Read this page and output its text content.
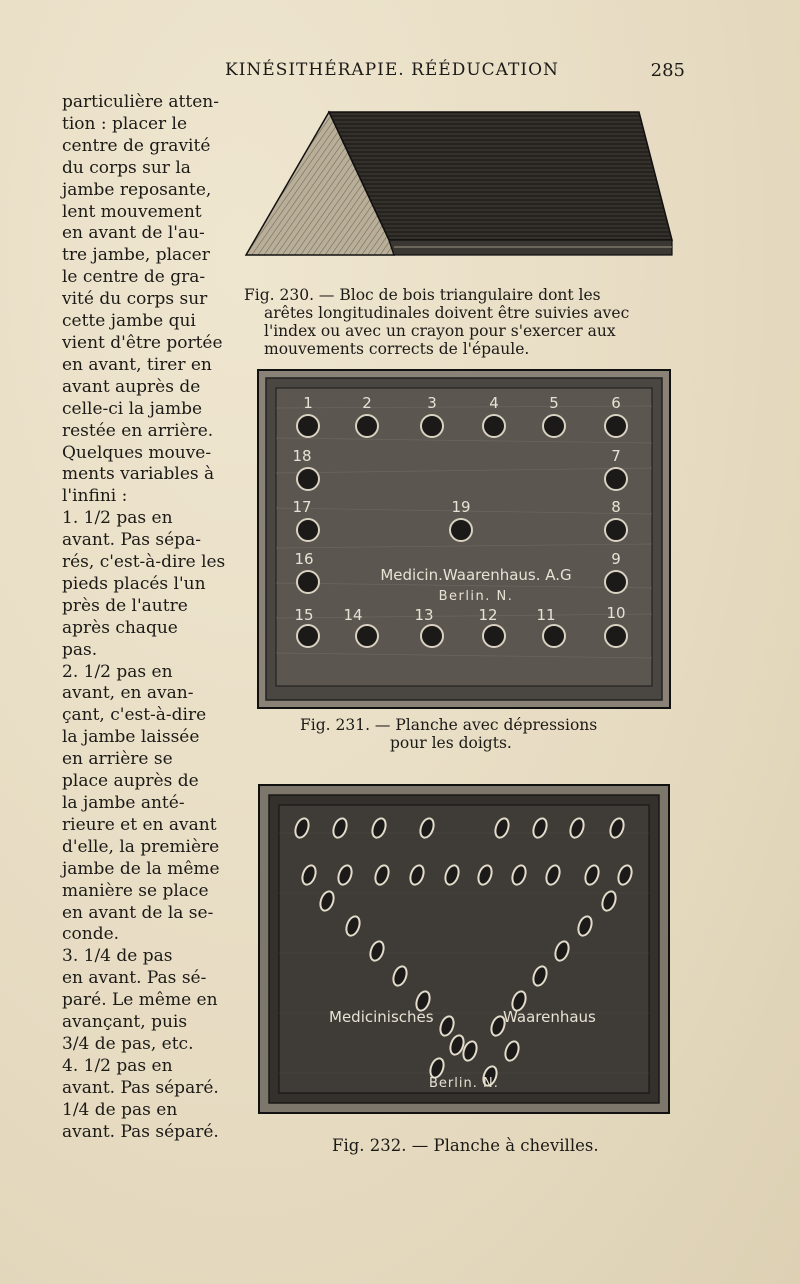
KINÉSITHÉRAPIE. RÉÉDUCATION	285
particulière atten-
tion : placer le
centre de gravité
du corps sur la
jambe reposante,
lent mouvement
en avant de l'au-
tre jambe, placer
le centre de gra-
vité du corps sur
cette jambe qui
vient d'être portée
en avant, tirer en
avant auprès de
celle-ci la jambe
restée en arrière.
Quelques mouve-
ments variables à
l'infini :
1. 1/2 pas en
avant. Pas sépa-
rés, c'est-à-dire les
pieds placés l'un
près de l'autre
après chaque
pas.
2. 1/2 pas en
avant, en avan-
çant, c'est-à-dire
la jambe laissée
en arrière se
place auprès de
la jambe anté-
rieure et en avant
d'elle, la première
jambe de la même
manière se place
en avant de la se-
conde.
3. 1/4 de pas
en avant. Pas sé-
paré. Le même en
avançant, puis
3/4 de pas, etc.
4. 1/2 pas en
avant. Pas séparé.
1/4 de pas en
avant. Pas séparé.
Fig. 230. — Bloc de bois triangulaire dont les
arêtes longitudinales doivent être suivies avec
l'index ou avec un crayon pour s'exercer aux
mouvements corrects de l'épaule.
1	2	3	4	5	6
7
8
9
10
11
12
13
14
15
16
17
18
19
Medicin.Waarenhaus. A.G
Berlin. N.
Fig. 231. — Planche avec dépressions
pour les doigts.
Medicinisches	Waarenhaus
Berlin. N.
Fig. 232. — Planche à chevilles.
